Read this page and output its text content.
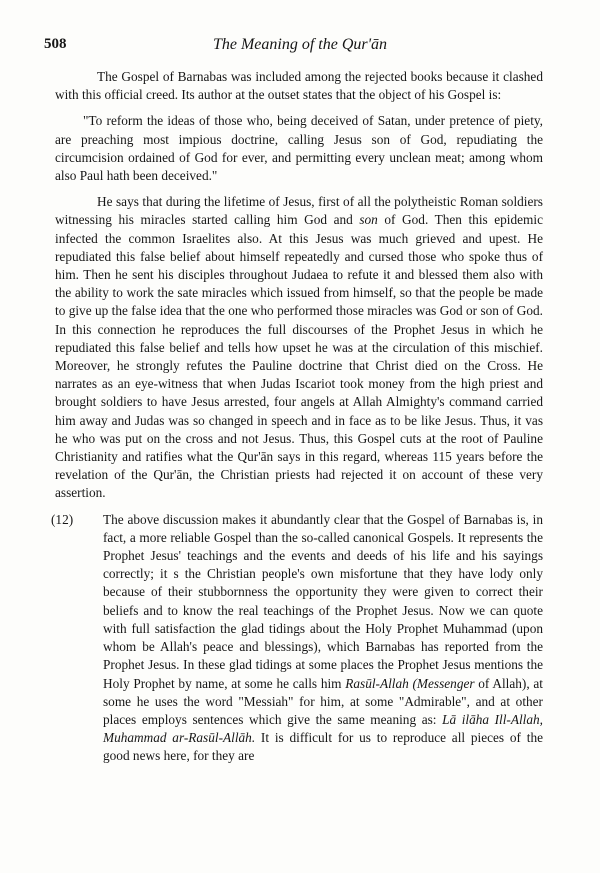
508	The Meaning of the Qur'ān

The Gospel of Barnabas was included among the rejected books because it clashed with this official creed. Its author at the outset states that the object of his Gospel is:

"To reform the ideas of those who, being deceived of Satan, under pretence of piety, are preaching most impious doctrine, calling Jesus son of God, repudiating the circumcision ordained of God for ever, and permitting every unclean meat; among whom also Paul hath been deceived."

He says that during the lifetime of Jesus, first of all the polytheistic Roman soldiers witnessing his miracles started calling him God and son of God. Then this epidemic infected the common Israelites also. At this Jesus was much grieved and upest. He repudiated this false belief about himself repeatedly and cursed those who spoke thus of him. Then he sent his disciples throughout Judaea to refute it and blessed them also with the ability to work the sate miracles which issued from himself, so that the people be made to give up the false idea that the one who performed those miracles was God or son of God. In this connection he reproduces the full discourses of the Prophet Jesus in which he repudiated this false belief and tells how upset he was at the circulation of this mischief. Moreover, he strongly refutes the Pauline doctrine that Christ died on the Cross. He narrates as an eye-witness that when Judas Iscariot took money from the high priest and brought soldiers to have Jesus arrested, four angels at Allah Almighty's command carried him away and Judas was so changed in speech and in face as to be like Jesus. Thus, it vas he who was put on the cross and not Jesus. Thus, this Gospel cuts at the root of Pauline Christianity and ratifies what the Qur'ān says in this regard, whereas 115 years before the revelation of the Qur'ān, the Christian priests had rejected it on account of these very assertion.

(12) The above discussion makes it abundantly clear that the Gospel of Barnabas is, in fact, a more reliable Gospel than the so-called canonical Gospels. It represents the Prophet Jesus' teachings and the events and deeds of his life and his sayings correctly; it s the Christian people's own misfortune that they have lody only because of their stubbornness the opportunity they were given to correct their beliefs and to know the real teachings of the Prophet Jesus. Now we can quote with full satisfaction the glad tidings about the Holy Prophet Muhammad (upon whom be Allah's peace and blessings), which Barnabas has reported from the Prophet Jesus. In these glad tidings at some places the Prophet Jesus mentions the Holy Prophet by name, at some he calls him Rasūl-Allah (Messenger of Allah), at some he uses the word "Messiah" for him, at some "Admirable", and at other places employs sentences which give the same meaning as: Lā ilāha Ill-Allah, Muhammad ar-Rasūl-Allāh. It is difficult for us to reproduce all pieces of the good news here, for they are
